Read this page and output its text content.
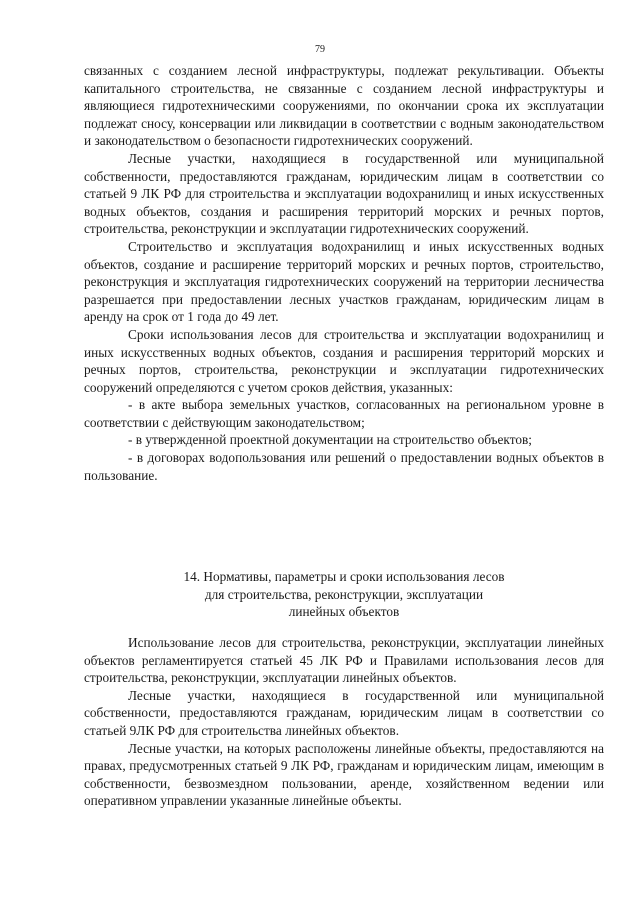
79

связанных с созданием лесной инфраструктуры, подлежат рекультивации. Объекты капитального строительства, не связанные с созданием лесной инфраструктуры и являющиеся гидротехническими сооружениями, по окончании срока их эксплуатации подлежат сносу, консервации или ликвидации в соответствии с водным законодательством и законодательством о безопасности гидротехнических сооружений.

Лесные участки, находящиеся в государственной или муниципальной собственности, предоставляются гражданам, юридическим лицам в соответствии со статьей 9 ЛК РФ для строительства и эксплуатации водохранилищ и иных искусственных водных объектов, создания и расширения территорий морских и речных портов, строительства, реконструкции и эксплуатации гидротехнических сооружений.

Строительство и эксплуатация водохранилищ и иных искусственных водных объектов, создание и расширение территорий морских и речных портов, строительство, реконструкция и эксплуатация гидротехнических сооружений на территории лесничества разрешается при предоставлении лесных участков гражданам, юридическим лицам в аренду на срок от 1 года до 49 лет.

Сроки использования лесов для строительства и эксплуатации водохранилищ и иных искусственных водных объектов, создания и расширения территорий морских и речных портов, строительства, реконструкции и эксплуатации гидротехнических сооружений определяются с учетом сроков действия, указанных:

- в акте выбора земельных участков, согласованных на региональном уровне в соответствии с действующим законодательством;

- в утвержденной проектной документации на строительство объектов;

- в договорах водопользования или решений о предоставлении водных объектов в пользование.

14. Нормативы, параметры и сроки использования лесов
для строительства, реконструкции, эксплуатации
линейных объектов

Использование лесов для строительства, реконструкции, эксплуатации линейных объектов регламентируется статьей 45 ЛК РФ и Правилами использования лесов для строительства, реконструкции, эксплуатации линейных объектов.

Лесные участки, находящиеся в государственной или муниципальной собственности, предоставляются гражданам, юридическим лицам в соответствии со статьей 9ЛК РФ для строительства линейных объектов.

Лесные участки, на которых расположены линейные объекты, предоставляются на правах, предусмотренных статьей 9 ЛК РФ, гражданам и юридическим лицам, имеющим в собственности, безвозмездном пользовании, аренде, хозяйственном ведении или оперативном управлении указанные линейные объекты.
